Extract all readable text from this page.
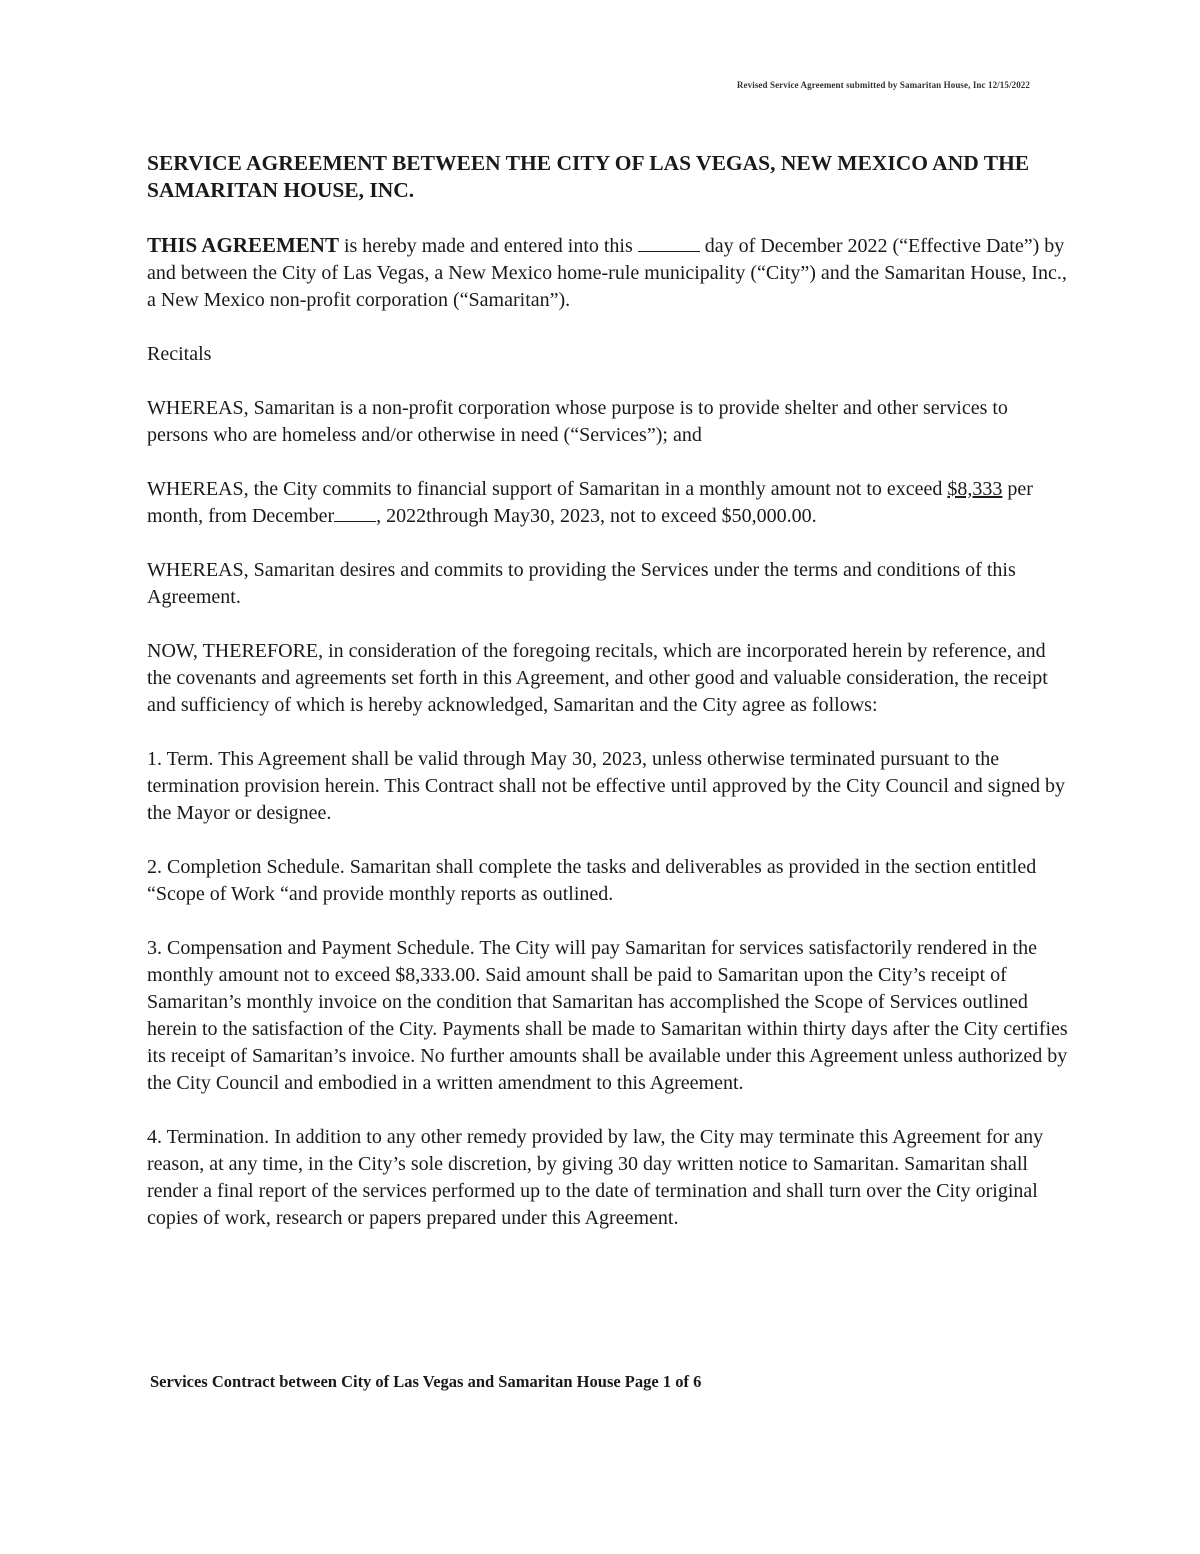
Revised Service Agreement submitted by Samaritan House, Inc 12/15/2022
SERVICE AGREEMENT BETWEEN THE CITY OF LAS VEGAS, NEW MEXICO AND THE SAMARITAN HOUSE, INC.

THIS AGREEMENT is hereby made and entered into this	day of December 2022 (“Effective Date”) by and between the City of Las Vegas, a New Mexico home-rule municipality (“City”) and the Samaritan House, Inc., a New Mexico non-profit corporation (“Samaritan”).

Recitals

WHEREAS, Samaritan is a non-profit corporation whose purpose is to provide shelter and other services to persons who are homeless and/or otherwise in need (“Services”); and

WHEREAS, the City commits to financial support of Samaritan in a monthly amount not to exceed $8,333 per month, from December , 2022through May30, 2023, not to exceed $50,000.00.

WHEREAS, Samaritan desires and commits to providing the Services under the terms and conditions of this Agreement.

NOW, THEREFORE, in consideration of the foregoing recitals, which are incorporated herein by reference, and the covenants and agreements set forth in this Agreement, and other good and valuable consideration, the receipt and sufficiency of which is hereby acknowledged, Samaritan and the City agree as follows:

1. Term. This Agreement shall be valid through May 30, 2023, unless otherwise terminated pursuant to the termination provision herein. This Contract shall not be effective until approved by the City Council and signed by the Mayor or designee.

2. Completion Schedule. Samaritan shall complete the tasks and deliverables as provided in the section entitled “Scope of Work “and provide monthly reports as outlined.

3. Compensation and Payment Schedule. The City will pay Samaritan for services satisfactorily rendered in the monthly amount not to exceed $8,333.00. Said amount shall be paid to Samaritan upon the City’s receipt of Samaritan’s monthly invoice on the condition that Samaritan has accomplished the Scope of Services outlined herein to the satisfaction of the City. Payments shall be made to Samaritan within thirty days after the City certifies its receipt of Samaritan’s invoice. No further amounts shall be available under this Agreement unless authorized by the City Council and embodied in a written amendment to this Agreement.

4. Termination. In addition to any other remedy provided by law, the City may terminate this Agreement for any reason, at any time, in the City’s sole discretion, by giving 30 day written notice to Samaritan. Samaritan shall render a final report of the services performed up to the date of termination and shall turn over the City original copies of work, research or papers prepared under this Agreement.

Services Contract between City of Las Vegas and Samaritan House Page 1 of 6
